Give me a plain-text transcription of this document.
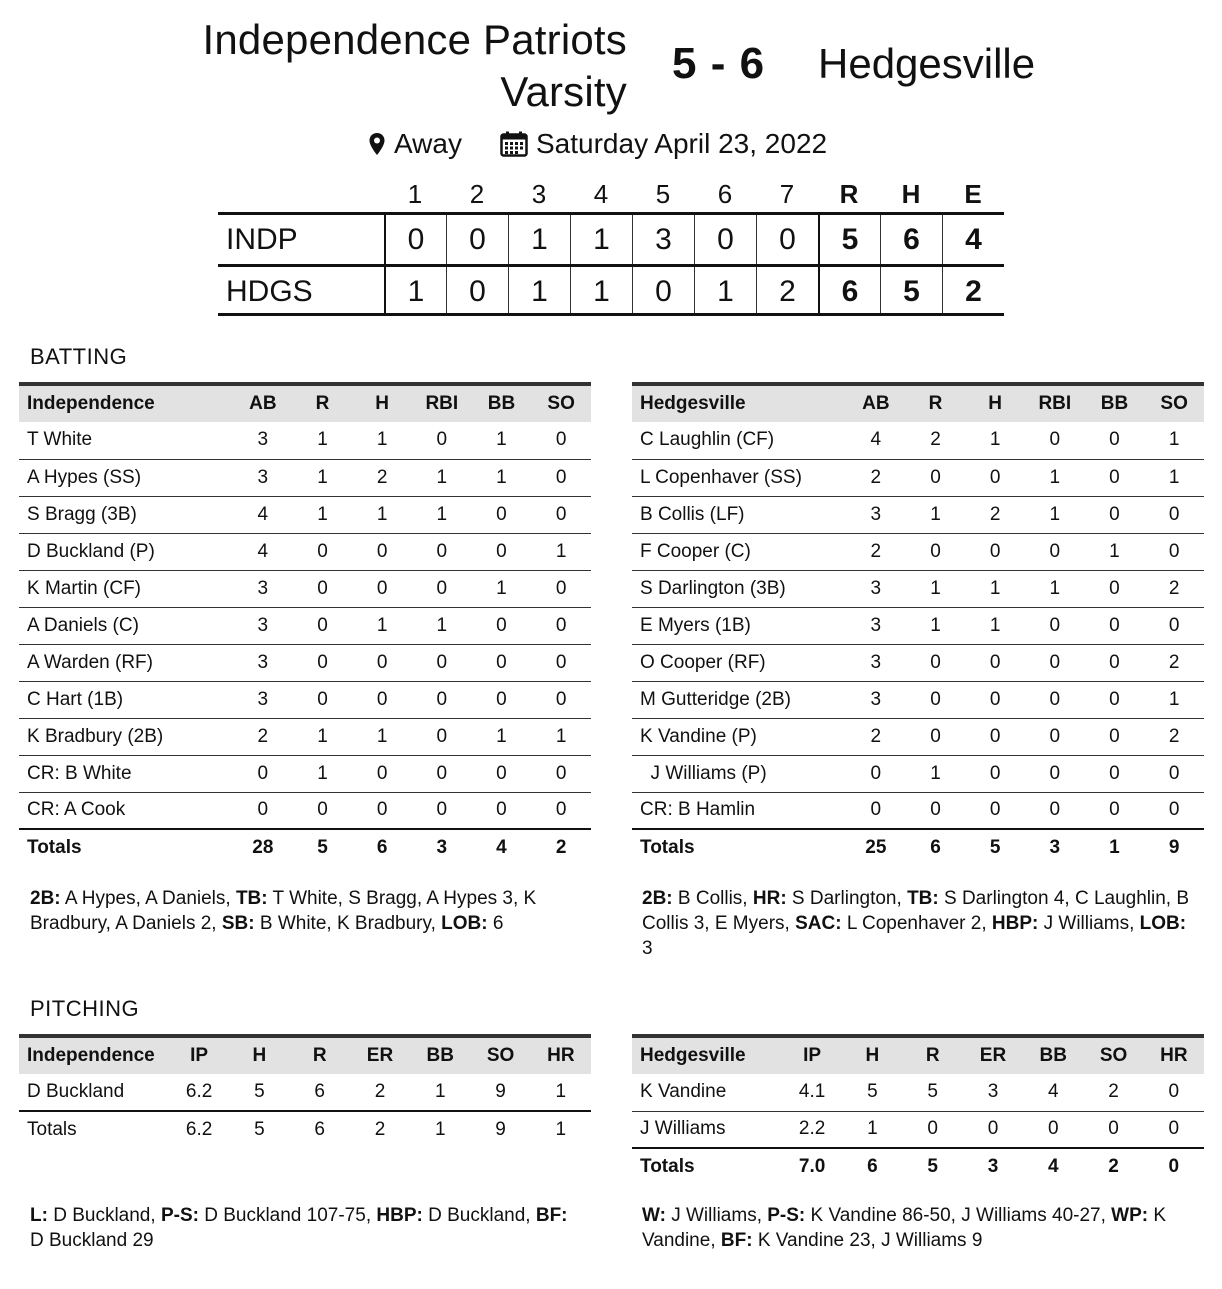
Independence Patriots
Varsity
5 - 6 Hedgesville
Away	Saturday April 23, 2022
1	2	3	4	5	6	7	R	H	E
INDP	0	0	1	1	3	0	0	5	6	4
HDGS	1	0	1	1	0	1	2	6	5	2
BATTING
Independence	AB	R	H	RBI	BB	SO
T White	3	1	1	0	1	0
A Hypes (SS)	3	1	2	1	1	0
S Bragg (3B)	4	1	1	1	0	0
D Buckland (P)	4	0	0	0	0	1
K Martin (CF)	3	0	0	0	1	0
A Daniels (C)	3	0	1	1	0	0
A Warden (RF)	3	0	0	0	0	0
C Hart (1B)	3	0	0	0	0	0
K Bradbury (2B)	2	1	1	0	1	1
CR: B White	0	1	0	0	0	0
CR: A Cook	0	0	0	0	0	0
Totals	28	5	6	3	4	2
Hedgesville	AB	R	H	RBI	BB	SO
C Laughlin (CF)	4	2	1	0	0	1
L Copenhaver (SS)	2	0	0	1	0	1
B Collis (LF)	3	1	2	1	0	0
F Cooper (C)	2	0	0	0	1	0
S Darlington (3B)	3	1	1	1	0	2
E Myers (1B)	3	1	1	0	0	0
O Cooper (RF)	3	0	0	0	0	2
M Gutteridge (2B)	3	0	0	0	0	1
K Vandine (P)	2	0	0	0	0	2
J Williams (P)	0	1	0	0	0	0
CR: B Hamlin	0	0	0	0	0	0
Totals	25	6	5	3	1	9
2B: A Hypes, A Daniels, TB: T White, S Bragg, A Hypes 3, K Bradbury, A Daniels 2, SB: B White, K Bradbury, LOB: 6
2B: B Collis, HR: S Darlington, TB: S Darlington 4, C Laughlin, B Collis 3, E Myers, SAC: L Copenhaver 2, HBP: J Williams, LOB: 3
PITCHING
Independence	IP	H	R	ER	BB	SO	HR
D Buckland	6.2	5	6	2	1	9	1
Totals	6.2	5	6	2	1	9	1
Hedgesville	IP	H	R	ER	BB	SO	HR
K Vandine	4.1	5	5	3	4	2	0
J Williams	2.2	1	0	0	0	0	0
Totals	7.0	6	5	3	4	2	0
L: D Buckland, P-S: D Buckland 107-75, HBP: D Buckland, BF: D Buckland 29
W: J Williams, P-S: K Vandine 86-50, J Williams 40-27, WP: K Vandine, BF: K Vandine 23, J Williams 9
